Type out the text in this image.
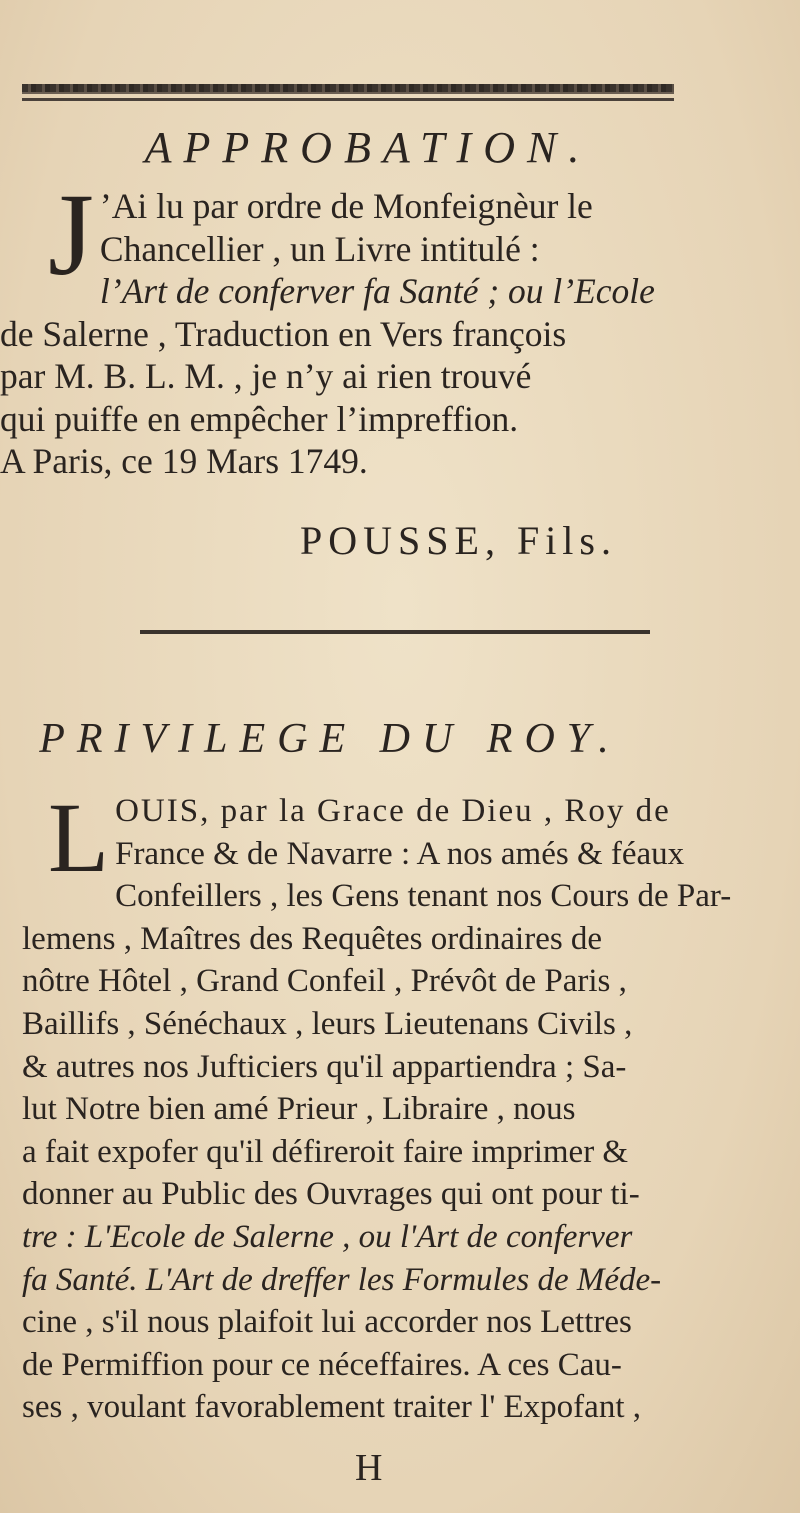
APPROBATION.
J ’Ai lu par ordre de Monfeignèur le
Chancellier , un Livre intitulé :
l’Art de conferver fa Santé ; ou l’Ecole
de Salerne , Traduction en Vers françois
par M. B. L. M. , je n’y ai rien trouvé
qui puiffe en empêcher l’impreffion.
A Paris, ce 19 Mars 1749.
POUSSE, Fils.
PRIVILEGE DU ROY.
L OUIS, par la Grace de Dieu , Roy de
France & de Navarre : A nos amés & féaux
Confeillers , les Gens tenant nos Cours de Par-
lemens , Maîtres des Requêtes ordinaires de
nôtre Hôtel , Grand Confeil , Prévôt de Paris ,
Baillifs , Sénéchaux , leurs Lieutenans Civils ,
& autres nos Jufticiers qu'il appartiendra ; Sa-
lut Notre bien amé Prieur , Libraire , nous
a fait expofer qu'il défireroit faire imprimer &
donner au Public des Ouvrages qui ont pour ti-
tre : L'Ecole de Salerne , ou l'Art de conferver
fa Santé. L'Art de dreffer les Formules de Méde-
cine , s'il nous plaifoit lui accorder nos Lettres
de Permiffion pour ce néceffaires. A ces Cau-
ses , voulant favorablement traiter l' Expofant ,
H
